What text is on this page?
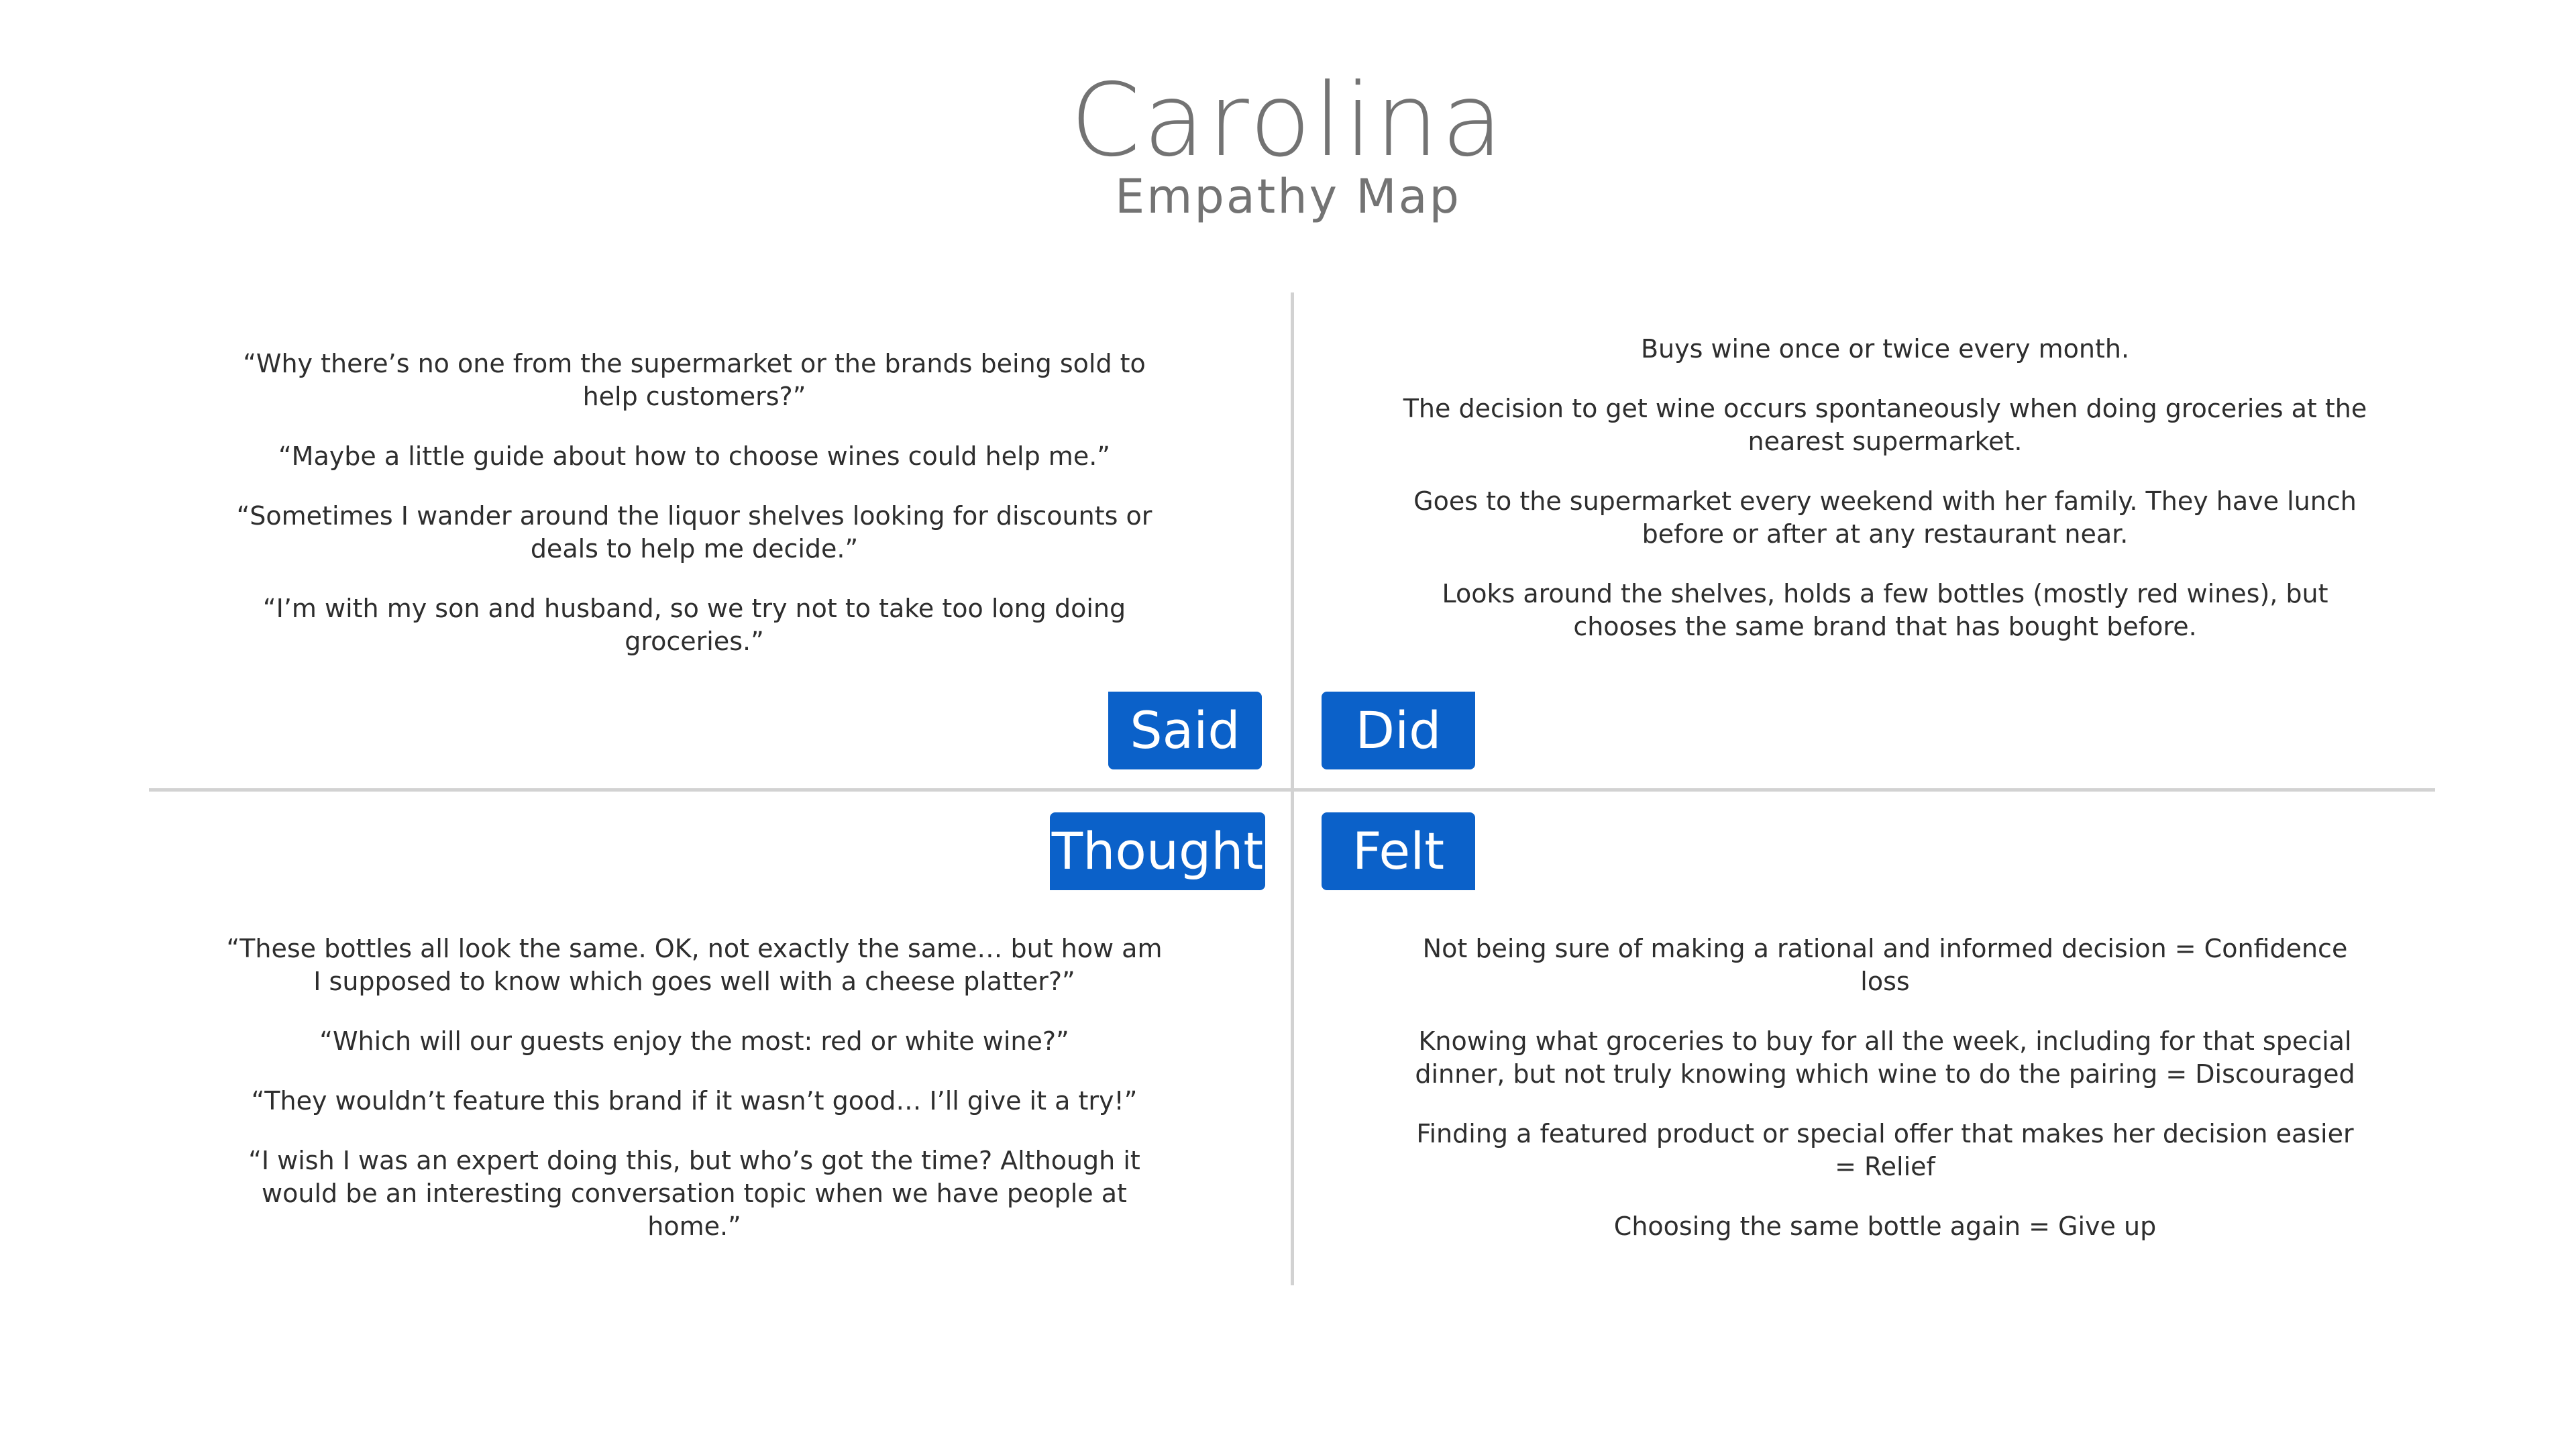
Carolina
Empathy Map

“Why there’s no one from the supermarket or the brands being sold to help customers?”

“Maybe a little guide about how to choose wines could help me.”

“Sometimes I wander around the liquor shelves looking for discounts or deals to help me decide.”

“I’m with my son and husband, so we try not to take too long doing groceries.”

Buys wine once or twice every month.

The decision to get wine occurs spontaneously when doing groceries at the nearest supermarket.

Goes to the supermarket every weekend with her family. They have lunch before or after at any restaurant near.

Looks around the shelves, holds a few bottles (mostly red wines), but chooses the same brand that has bought before.

“These bottles all look the same. OK, not exactly the same… but how am I supposed to know which goes well with a cheese platter?”

“Which will our guests enjoy the most: red or white wine?”

“They wouldn’t feature this brand if it wasn’t good… I’ll give it a try!”

“I wish I was an expert doing this, but who’s got the time? Although it would be an interesting conversation topic when we have people at home.”

Not being sure of making a rational and informed decision = Confidence loss

Knowing what groceries to buy for all the week, including for that special dinner, but not truly knowing which wine to do the pairing = Discouraged

Finding a featured product or special offer that makes her decision easier = Relief

Choosing the same bottle again = Give up

Said	Did
Thought	Felt
